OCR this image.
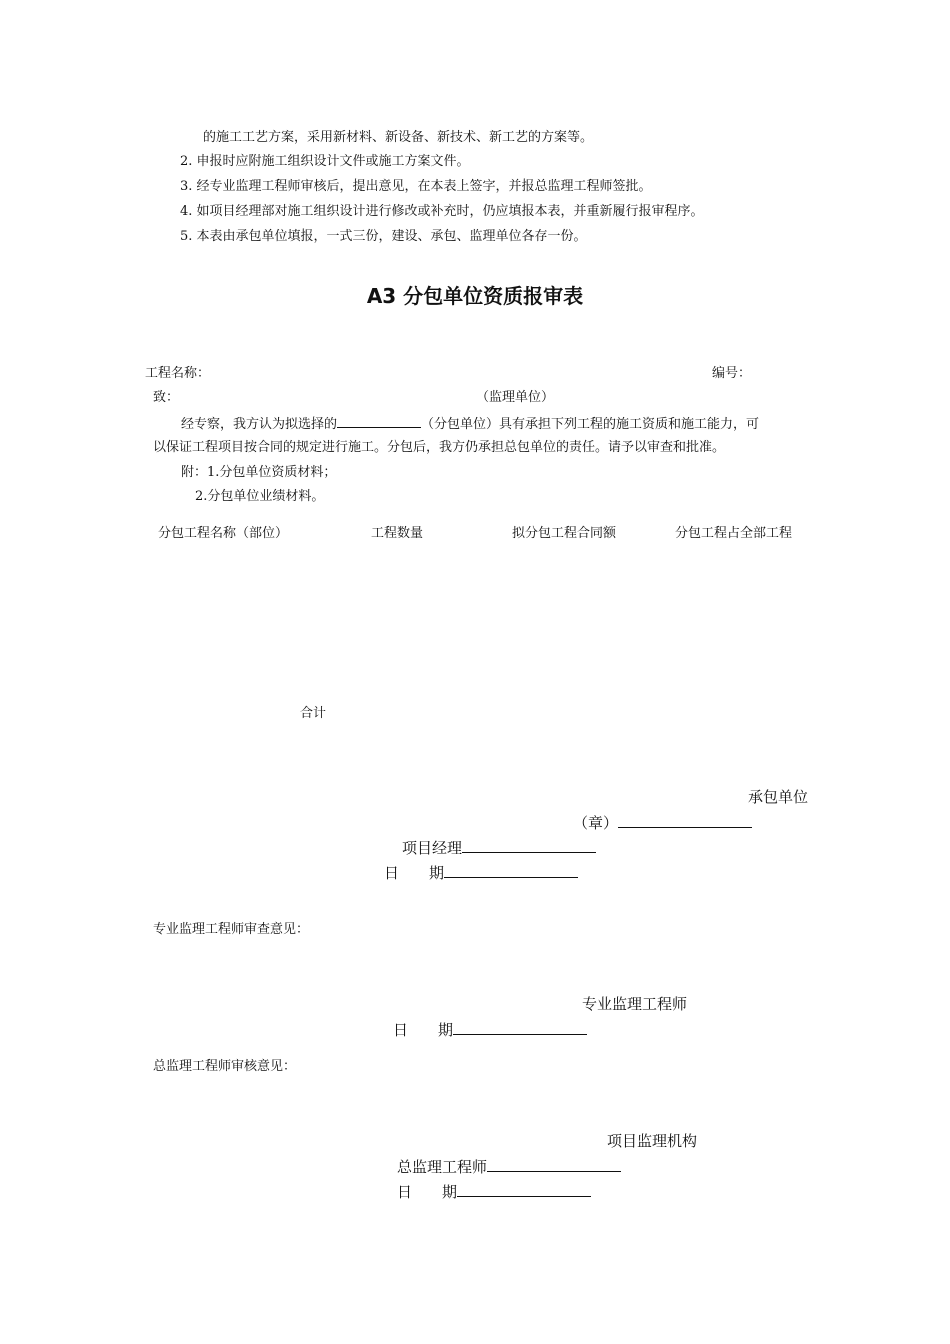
的施工工艺方案，采用新材料、新设备、新技术、新工艺的方案等。
2. 申报时应附施工组织设计文件或施工方案文件。
3. 经专业监理工程师审核后，提出意见，在本表上签字，并报总监理工程师签批。
4. 如项目经理部对施工组织设计进行修改或补充时，仍应填报本表，并重新履行报审程序。
5. 本表由承包单位填报，一式三份，建设、承包、监理单位各存一份。
A3 分包单位资质报审表
工程名称：	编号：
致：	（监理单位）
经专察，我方认为拟选择的	（分包单位）具有承担下列工程的施工资质和施工能力，可
以保证工程项目按合同的规定进行施工。分包后，我方仍承担总包单位的责任。请予以审查和批准。
附：1.分包单位资质材料；
2.分包单位业绩材料。
分包工程名称（部位）	工程数量	拟分包工程合同额	分包工程占全部工程
合计
承包单位
（章）
项目经理
日　　期
专业监理工程师审查意见：
专业监理工程师
日　　期
总监理工程师审核意见：
项目监理机构
总监理工程师
日　　期
